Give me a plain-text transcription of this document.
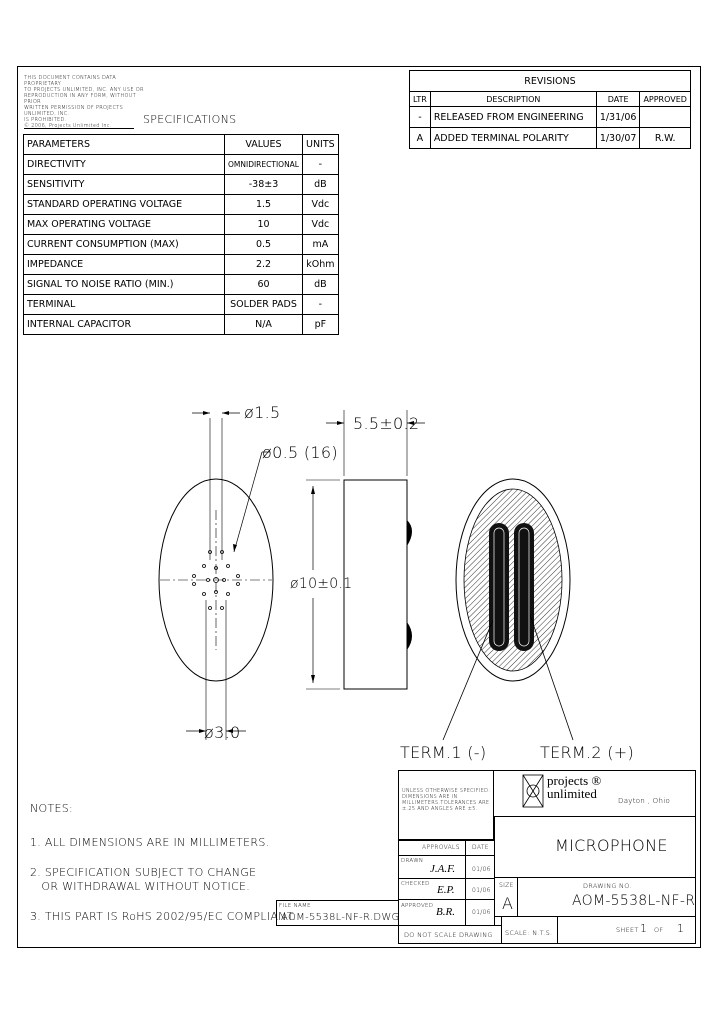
THIS DOCUMENT CONTAINS DATA PROPRIETARY
TO PROJECTS UNLIMITED, INC. ANY USE OR
REPRODUCTION IN ANY FORM, WITHOUT PRIOR
WRITTEN PERMISSION OF PROJECTS UNLIMITED, INC.
IS PROHIBITED.
© 2006, Projects Unlimited Inc.	SPECIFICATIONS
PARAMETERS	VALUES	UNITS
DIRECTIVITY	OMNIDIRECTIONAL	-
SENSITIVITY	-38±3	dB
STANDARD OPERATING VOLTAGE	1.5	Vdc
MAX OPERATING VOLTAGE	10	Vdc
CURRENT CONSUMPTION (MAX)	0.5	mA
IMPEDANCE	2.2	kOhm
SIGNAL TO NOISE RATIO (MIN.)	60	dB
TERMINAL	SOLDER PADS	-
INTERNAL CAPACITOR	N/A	pF
REVISIONS			
LTR	DESCRIPTION	DATE	APPROVED
-	RELEASED FROM ENGINEERING	1/31/06	
A	ADDED TERMINAL POLARITY	1/30/07	R.W.
ø1.5
ø0.5 (16)
5.5±0.2
ø10±0.1
ø3.0
TERM.1 (-)	TERM.2 (+)
NOTES:
1. ALL DIMENSIONS ARE IN MILLIMETERS.
2. SPECIFICATION SUBJECT TO CHANGE
OR WITHDRAWAL WITHOUT NOTICE.
3. THIS PART IS RoHS 2002/95/EC COMPLIANT.
UNLESS OTHERWISE SPECIFIED: DIMENSIONS ARE IN MILLIMETERS.TOLERANCES ARE ±.25 AND ANGLES ARE ±5.
projects ®
unlimited	Dayton , Ohio
MICROPHONE
APPROVALS DATE
DRAWN
J.A.F.	01/06
CHECKED E.P.	01/06
APPROVED B.R.	01/06
FILE NAME
AOM-5538L-NF-R.DWG
SIZE
A
DRAWING NO.
AOM-5538L-NF-R
DO NOT SCALE DRAWING SCALE: N.T.S.	SHEET 1 OF 1
